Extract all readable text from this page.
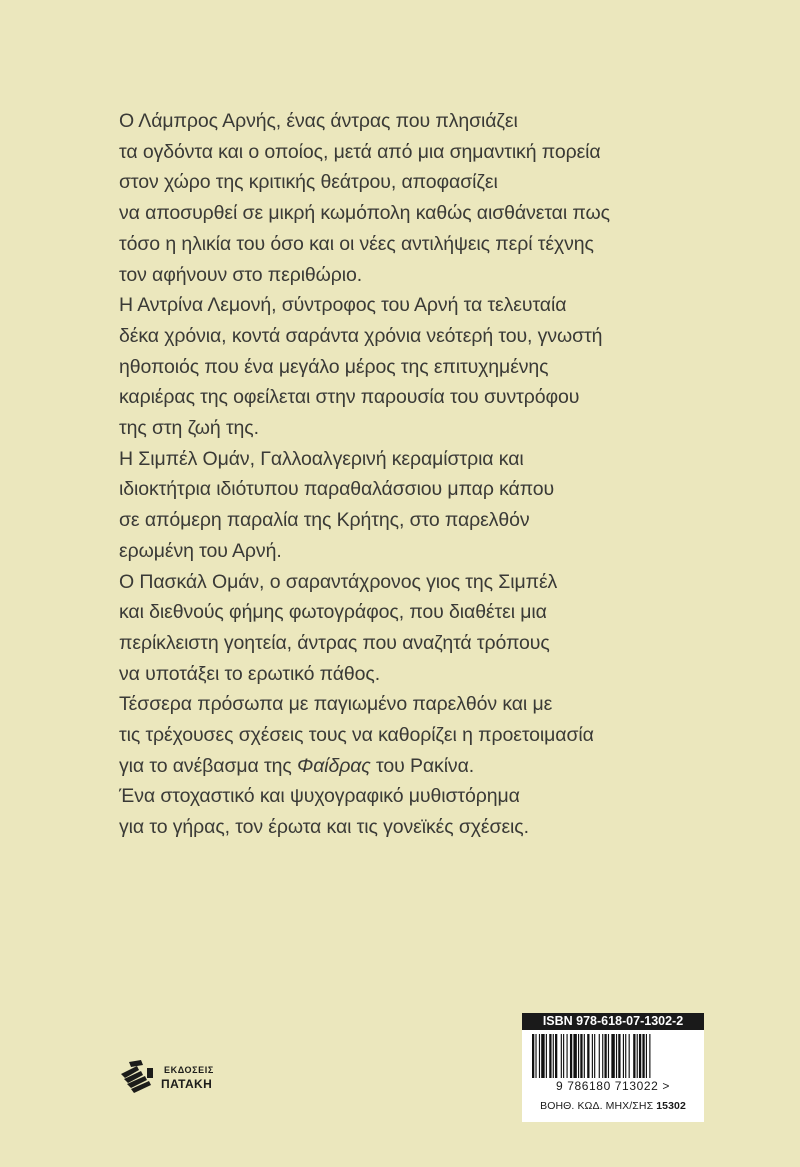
Ο Λάμπρος Αρνής, ένας άντρας που πλησιάζει
τα ογδόντα και ο οποίος, μετά από μια σημαντική πορεία
στον χώρο της κριτικής θεάτρου, αποφασίζει
να αποσυρθεί σε μικρή κωμόπολη καθώς αισθάνεται πως
τόσο η ηλικία του όσο και οι νέες αντιλήψεις περί τέχνης
τον αφήνουν στο περιθώριο.
Η Αντρίνα Λεμονή, σύντροφος του Αρνή τα τελευταία
δέκα χρόνια, κοντά σαράντα χρόνια νεότερή του, γνωστή
ηθοποιός που ένα μεγάλο μέρος της επιτυχημένης
καριέρας της οφείλεται στην παρουσία του συντρόφου
της στη ζωή της.
Η Σιμπέλ Ομάν, Γαλλοαλγερινή κεραμίστρια και
ιδιοκτήτρια ιδιότυπου παραθαλάσσιου μπαρ κάπου
σε απόμερη παραλία της Κρήτης, στο παρελθόν
ερωμένη του Αρνή.
Ο Πασκάλ Ομάν, ο σαραντάχρονος γιος της Σιμπέλ
και διεθνούς φήμης φωτογράφος, που διαθέτει μια
περίκλειστη γοητεία, άντρας που αναζητά τρόπους
να υποτάξει το ερωτικό πάθος.
Τέσσερα πρόσωπα με παγιωμένο παρελθόν και με
τις τρέχουσες σχέσεις τους να καθορίζει η προετοιμασία
για το ανέβασμα της Φαίδρας του Ρακίνα.
Ένα στοχαστικό και ψυχογραφικό μυθιστόρημα
για το γήρας, τον έρωτα και τις γονεϊκές σχέσεις.
ΕΚΔΟΣΕΙΣ
ΠΑΤΑΚΗ
ISBN 978-618-07-1302-2
9 786180 713022 >
ΒΟΗΘ. ΚΩΔ. ΜΗΧ/ΣΗΣ 15302
